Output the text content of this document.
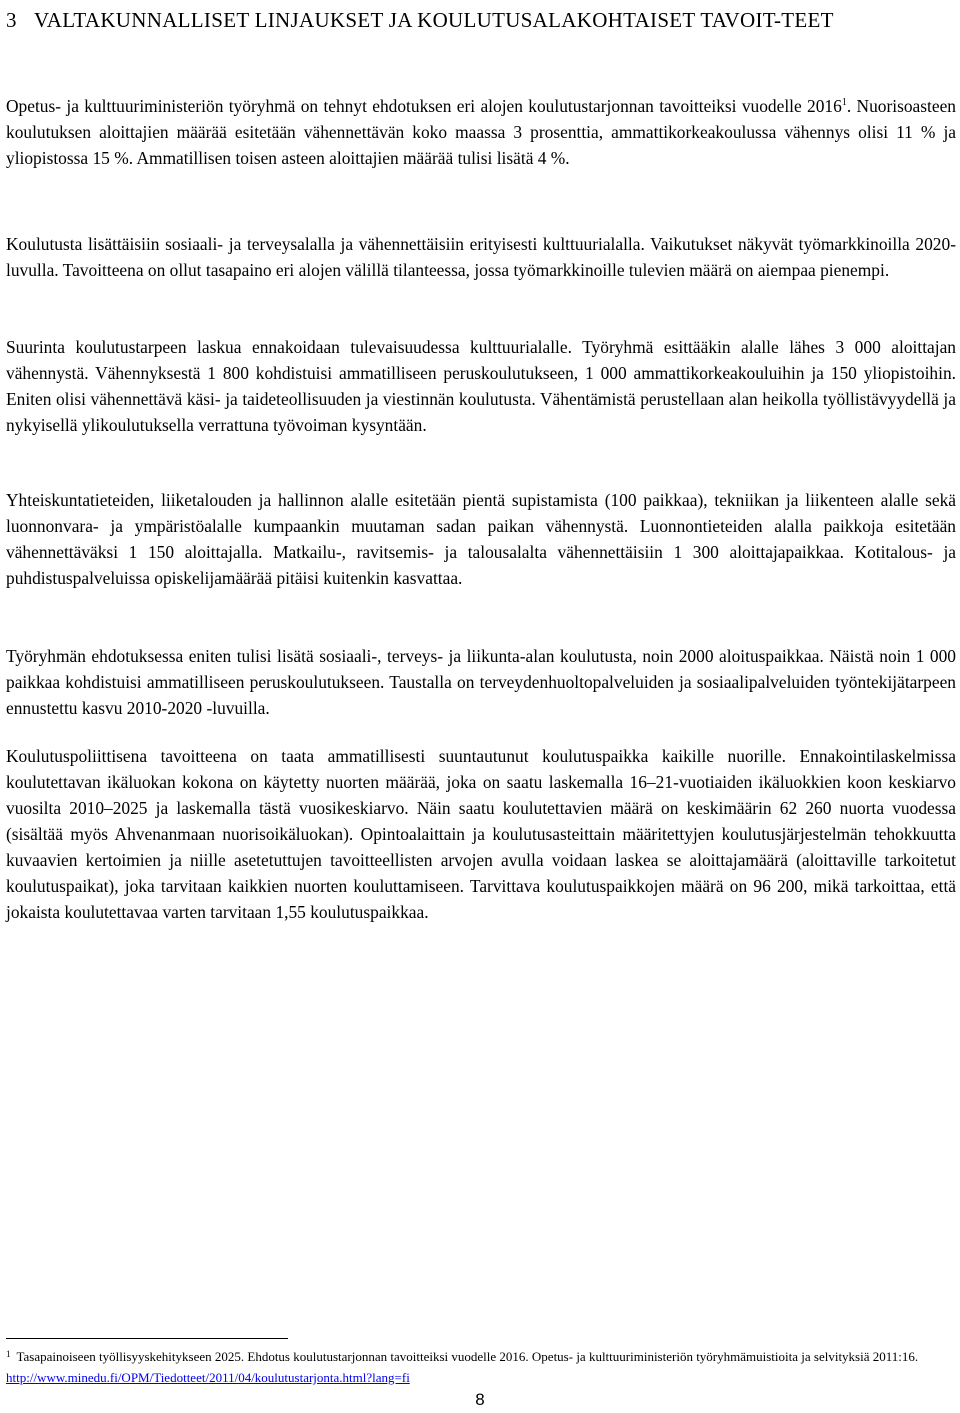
3 VALTAKUNNALLISET LINJAUKSET JA KOULUTUSALAKOHTAISET TAVOIT-TEET

Opetus- ja kulttuuriministeriön työryhmä on tehnyt ehdotuksen eri alojen koulutustarjonnan tavoitteiksi vuodelle 2016$^1$. Nuorisoasteen koulutuksen aloittajien määrää esitetään vähennettävän koko maassa 3 prosenttia, ammattikorkeakoulussa vähennys olisi 11 % ja yliopistossa 15 %. Ammatillisen toisen asteen aloittajien määrää tulisi lisätä 4 %.

Koulutusta lisättäisiin sosiaali- ja terveysalalla ja vähennettäisiin erityisesti kulttuurialalla. Vaikutukset näkyvät työmarkkinoilla 2020-luvulla. Tavoitteena on ollut tasapaino eri alojen välillä tilanteessa, jossa työmarkkinoille tulevien määrä on aiempaa pienempi.

Suurinta koulutustarpeen laskua ennakoidaan tulevaisuudessa kulttuurialalle. Työryhmä esittääkin alalle lähes 3 000 aloittajan vähennystä. Vähennyksestä 1 800 kohdistuisi ammatilliseen peruskoulutukseen, 1 000 ammattikorkeakouluihin ja 150 yliopistoihin. Eniten olisi vähennettävä käsi- ja taideteollisuuden ja viestinnän koulutusta. Vähentämistä perustellaan alan heikolla työllistävyydellä ja nykyisellä ylikoulutuksella verrattuna työvoiman kysyntään.

Yhteiskuntatieteiden, liiketalouden ja hallinnon alalle esitetään pientä supistamista (100 paikkaa), tekniikan ja liikenteen alalle sekä luonnonvara- ja ympäristöalalle kumpaankin muutaman sadan paikan vähennystä. Luonnontieteiden alalla paikkoja esitetään vähennettäväksi 1 150 aloittajalla. Matkailu-, ravitsemis- ja talousalalta vähennettäisiin 1 300 aloittajapaikkaa. Kotitalous- ja puhdistuspalveluissa opiskelijamäärää pitäisi kuitenkin kasvattaa.

Työryhmän ehdotuksessa eniten tulisi lisätä sosiaali-, terveys- ja liikunta-alan koulutusta, noin 2000 aloituspaikkaa. Näistä noin 1 000 paikkaa kohdistuisi ammatilliseen peruskoulutukseen. Taustalla on terveydenhuoltopalveluiden ja sosiaalipalveluiden työntekijätarpeen ennustettu kasvu 2010-2020 -luvuilla.

Koulutuspoliittisena tavoitteena on taata ammatillisesti suuntautunut koulutuspaikka kaikille nuorille. Ennakointilaskelmissa koulutettavan ikäluokan kokona on käytetty nuorten määrää, joka on saatu laskemalla 16–21-vuotiaiden ikäluokkien koon keskiarvo vuosilta 2010–2025 ja laskemalla tästä vuosikeskiarvo. Näin saatu koulutettavien määrä on keskimäärin 62 260 nuorta vuodessa (sisältää myös Ahvenanmaan nuorisoikäluokan). Opintoalaittain ja koulutusasteittain määritettyjen koulutusjärjestelmän tehokkuutta kuvaavien kertoimien ja niille asetetuttujen tavoitteellisten arvojen avulla voidaan laskea se aloittajamäärä (aloittaville tarkoitetut koulutuspaikat), joka tarvitaan kaikkien nuorten kouluttamiseen. Tarvittava koulutuspaikkojen määrä on 96 200, mikä tarkoittaa, että jokaista koulutettavaa varten tarvitaan 1,55 koulutuspaikkaa.

$^1$ Tasapainoiseen työllisyyskehitykseen 2025. Ehdotus koulutustarjonnan tavoitteiksi vuodelle 2016. Opetus- ja kulttuuriministeriön työryhmämuistioita ja selvityksiä 2011:16. http://www.minedu.fi/OPM/Tiedotteet/2011/04/koulutustarjonta.html?lang=fi

8
